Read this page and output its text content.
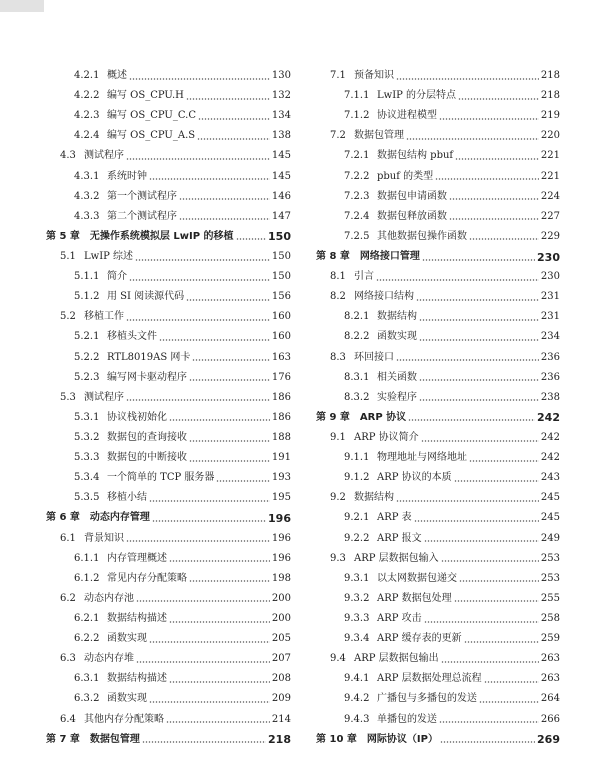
4.2.1 概述	130
4.2.2 编写 OS_CPU.H	132
4.2.3 编写 OS_CPU_C.C	134
4.2.4 编写 OS_CPU_A.S	138
4.3 测试程序	145
4.3.1 系统时钟	145
4.3.2 第一个测试程序	146
4.3.3 第二个测试程序	147
第 5 章 无操作系统模拟层 LwIP 的移植	150
5.1 LwIP 综述	150
5.1.1 简介	150
5.1.2 用 SI 阅读源代码	156
5.2 移植工作	160
5.2.1 移植头文件	160
5.2.2 RTL8019AS 网卡	163
5.2.3 编写网卡驱动程序	176
5.3 测试程序	186
5.3.1 协议栈初始化	186
5.3.2 数据包的查询接收	188
5.3.3 数据包的中断接收	191
5.3.4 一个简单的 TCP 服务器	193
5.3.5 移植小结	195
第 6 章 动态内存管理	196
6.1 背景知识	196
6.1.1 内存管理概述	196
6.1.2 常见内存分配策略	198
6.2 动态内存池	200
6.2.1 数据结构描述	200
6.2.2 函数实现	205
6.3 动态内存堆	207
6.3.1 数据结构描述	208
6.3.2 函数实现	209
6.4 其他内存分配策略	214
第 7 章 数据包管理	218
7.1 预备知识	218
7.1.1 LwIP 的分层特点	218
7.1.2 协议进程模型	219
7.2 数据包管理	220
7.2.1 数据包结构 pbuf	221
7.2.2 pbuf 的类型	221
7.2.3 数据包申请函数	224
7.2.4 数据包释放函数	227
7.2.5 其他数据包操作函数	229
第 8 章 网络接口管理	230
8.1 引言	230
8.2 网络接口结构	231
8.2.1 数据结构	231
8.2.2 函数实现	234
8.3 环回接口	236
8.3.1 相关函数	236
8.3.2 实验程序	238
第 9 章 ARP 协议	242
9.1 ARP 协议简介	242
9.1.1 物理地址与网络地址	242
9.1.2 ARP 协议的本质	243
9.2 数据结构	245
9.2.1 ARP 表	245
9.2.2 ARP 报文	249
9.3 ARP 层数据包输入	253
9.3.1 以太网数据包递交	253
9.3.2 ARP 数据包处理	255
9.3.3 ARP 攻击	258
9.3.4 ARP 缓存表的更新	259
9.4 ARP 层数据包输出	263
9.4.1 ARP 层数据处理总流程	263
9.4.2 广播包与多播包的发送	264
9.4.3 单播包的发送	266
第 10 章 网际协议（IP）	269
